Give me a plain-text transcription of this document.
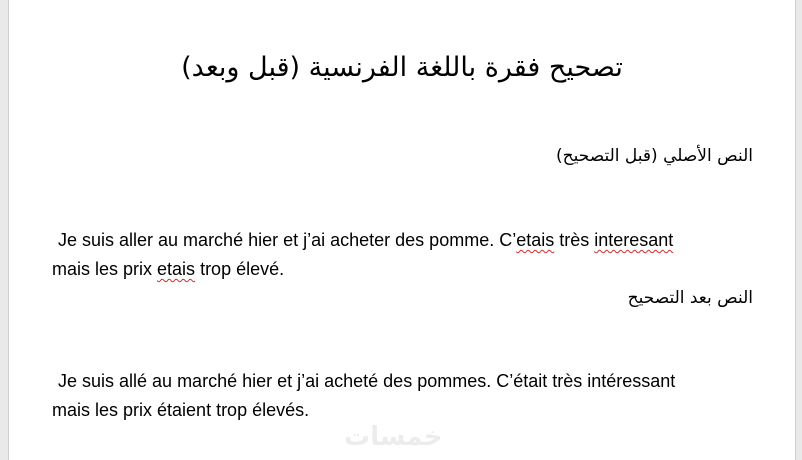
تصحيح فقرة باللغة الفرنسية (قبل وبعد)

النص الأصلي (قبل التصحيح)

Je suis aller au marché hier et j’ai acheter des pomme. C’etais très interesant
mais les prix etais trop élevé.

النص بعد التصحيح

Je suis allé au marché hier et j’ai acheté des pommes. C’était très intéressant
mais les prix étaient trop élevés.

خمسات
